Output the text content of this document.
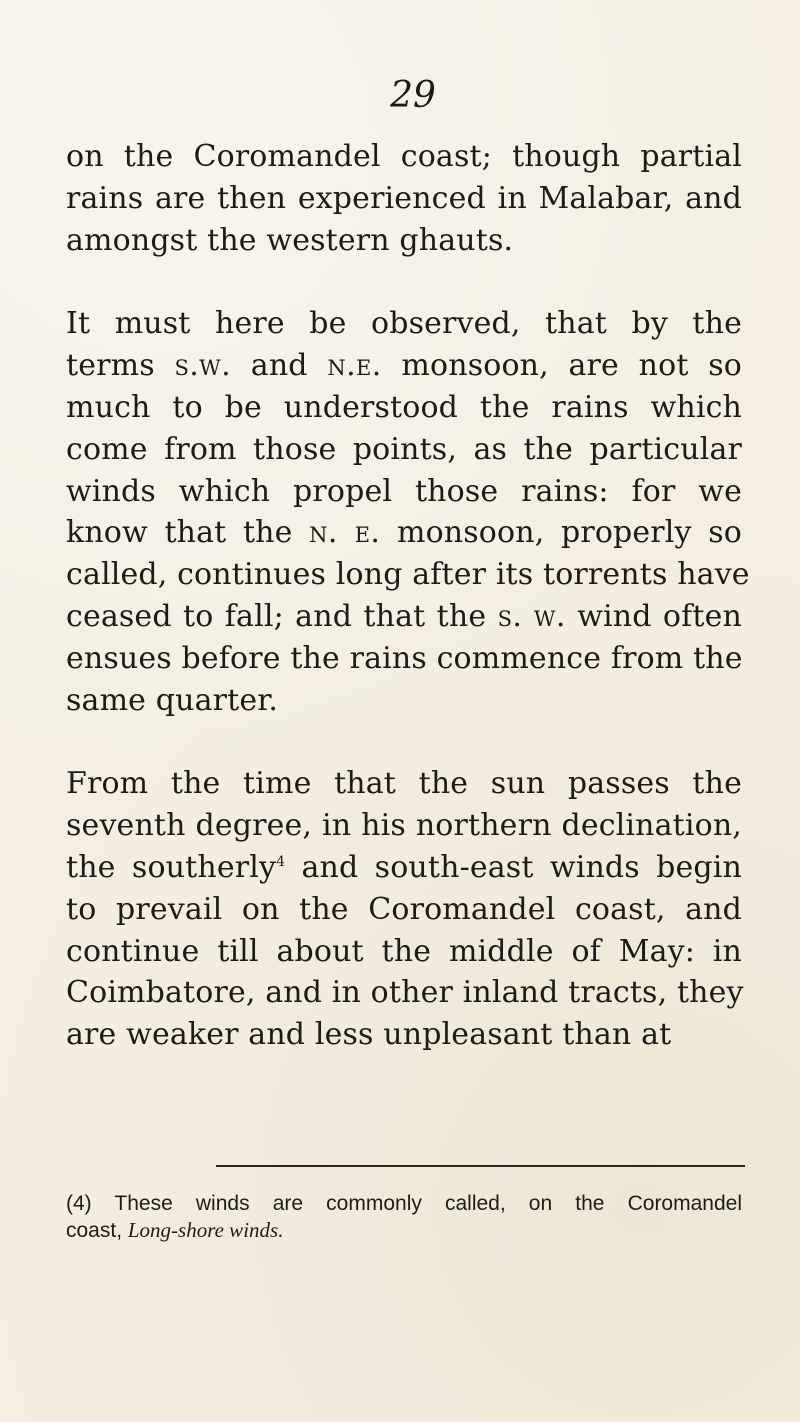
29
on the Coromandel coast; though partial
rains are then experienced in Malabar, and
amongst the western ghauts.
It must here be observed, that by the
terms s.w. and n.e. monsoon, are not so
much to be understood the rains which
come from those points, as the particular
winds which propel those rains: for we
know that the n. e. monsoon, properly so
called, continues long after its torrents have
ceased to fall; and that the s. w. wind often
ensues before the rains commence from the
same quarter.
From the time that the sun passes the
seventh degree, in his northern declination,
the southerly$^4$ and south-east winds begin
to prevail on the Coromandel coast, and
continue till about the middle of May: in
Coimbatore, and in other inland tracts, they
are weaker and less unpleasant than at
(4) These winds are commonly called, on the Coromandel
coast, Long-shore winds.
